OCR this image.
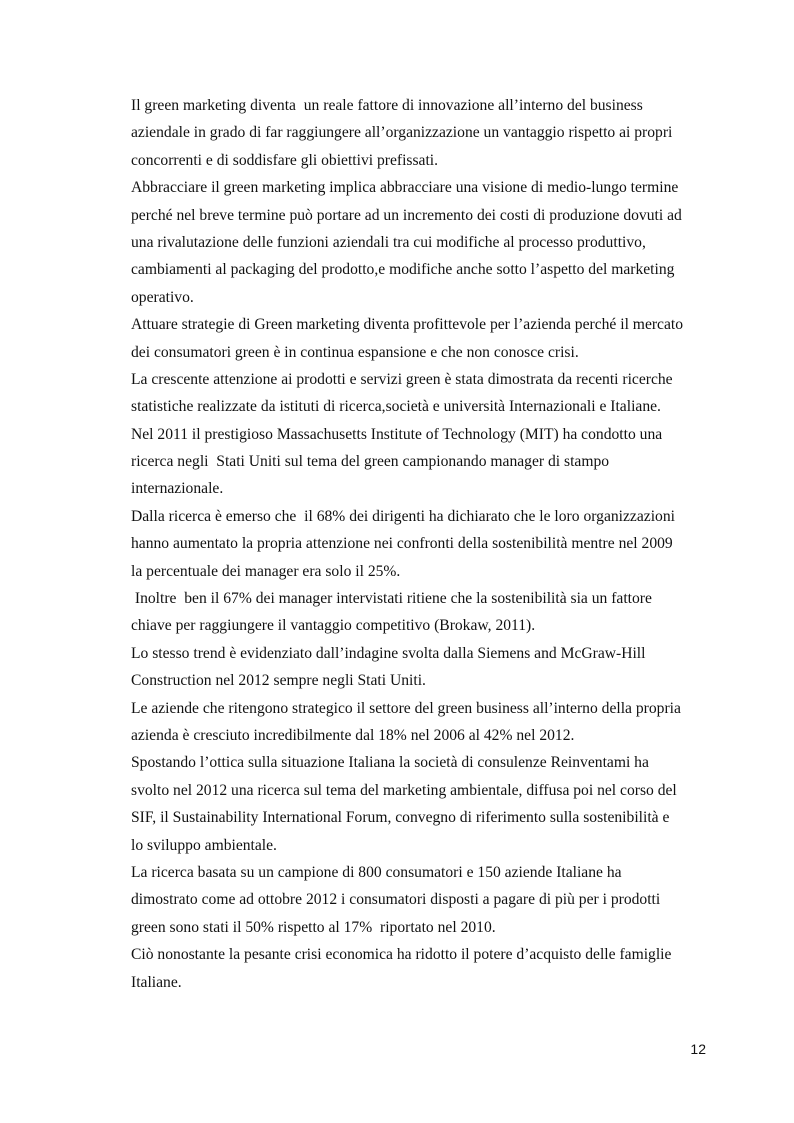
Il green marketing diventa  un reale fattore di innovazione all’interno del business
aziendale in grado di far raggiungere all’organizzazione un vantaggio rispetto ai propri
concorrenti e di soddisfare gli obiettivi prefissati.
Abbracciare il green marketing implica abbracciare una visione di medio-lungo termine
perché nel breve termine può portare ad un incremento dei costi di produzione dovuti ad
una rivalutazione delle funzioni aziendali tra cui modifiche al processo produttivo,
cambiamenti al packaging del prodotto,e modifiche anche sotto l’aspetto del marketing
operativo.
Attuare strategie di Green marketing diventa profittevole per l’azienda perché il mercato
dei consumatori green è in continua espansione e che non conosce crisi.
La crescente attenzione ai prodotti e servizi green è stata dimostrata da recenti ricerche
statistiche realizzate da istituti di ricerca,società e università Internazionali e Italiane.
Nel 2011 il prestigioso Massachusetts Institute of Technology (MIT) ha condotto una
ricerca negli  Stati Uniti sul tema del green campionando manager di stampo
internazionale.
Dalla ricerca è emerso che  il 68% dei dirigenti ha dichiarato che le loro organizzazioni
hanno aumentato la propria attenzione nei confronti della sostenibilità mentre nel 2009
la percentuale dei manager era solo il 25%.
Inoltre  ben il 67% dei manager intervistati ritiene che la sostenibilità sia un fattore
chiave per raggiungere il vantaggio competitivo (Brokaw, 2011).
Lo stesso trend è evidenziato dall’indagine svolta dalla Siemens and McGraw-Hill
Construction nel 2012 sempre negli Stati Uniti.
Le aziende che ritengono strategico il settore del green business all’interno della propria
azienda è cresciuto incredibilmente dal 18% nel 2006 al 42% nel 2012.
Spostando l’ottica sulla situazione Italiana la società di consulenze Reinventami ha
svolto nel 2012 una ricerca sul tema del marketing ambientale, diffusa poi nel corso del
SIF, il Sustainability International Forum, convegno di riferimento sulla sostenibilità e
lo sviluppo ambientale.
La ricerca basata su un campione di 800 consumatori e 150 aziende Italiane ha
dimostrato come ad ottobre 2012 i consumatori disposti a pagare di più per i prodotti
green sono stati il 50% rispetto al 17%  riportato nel 2010.
Ciò nonostante la pesante crisi economica ha ridotto il potere d’acquisto delle famiglie
Italiane.
12
